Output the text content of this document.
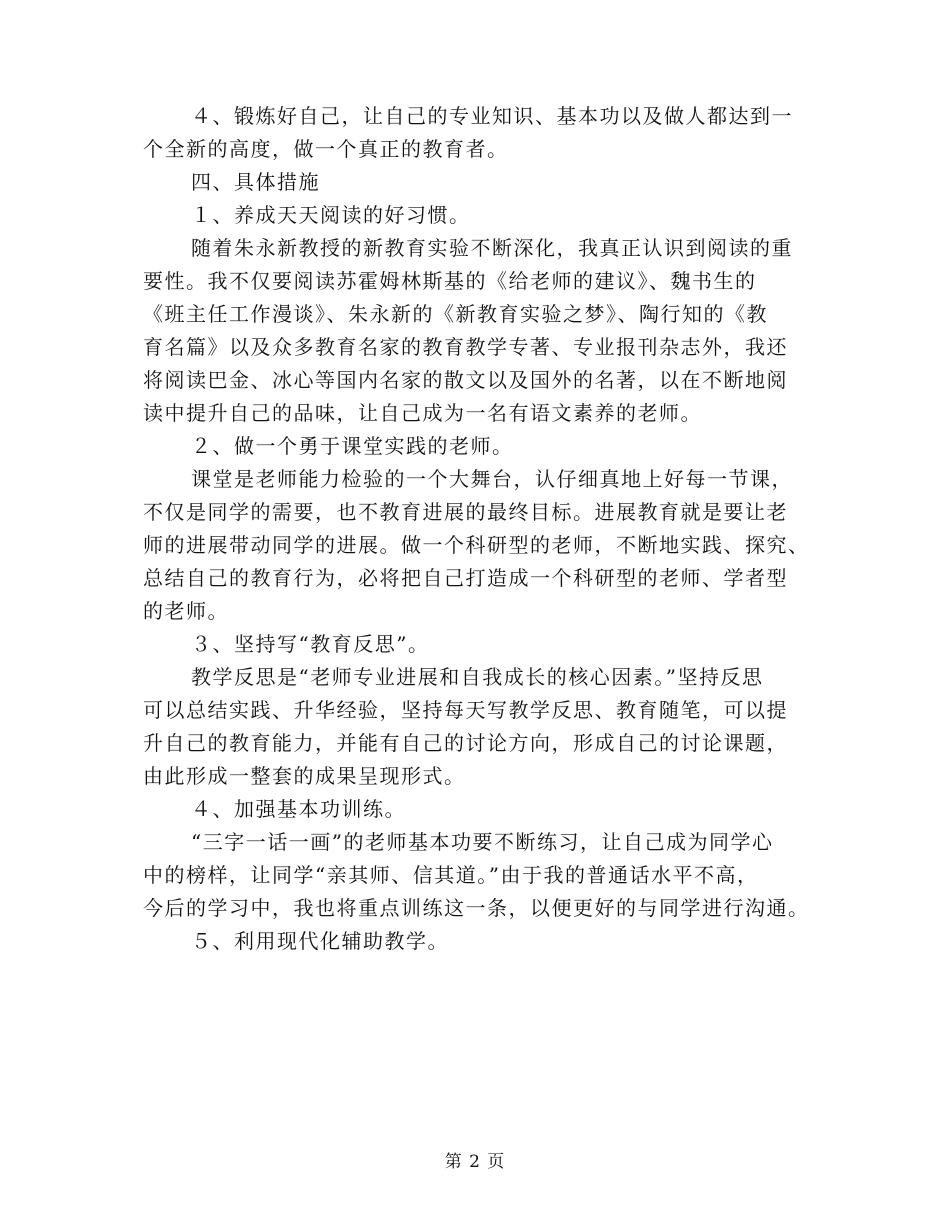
４、锻炼好自己，让自己的专业知识、基本功以及做人都达到一

个全新的高度，做一个真正的教育者。

四、具体措施

１、养成天天阅读的好习惯。

随着朱永新教授的新教育实验不断深化，我真正认识到阅读的重

要性。我不仅要阅读苏霍姆林斯基的《给老师的建议》、魏书生的

《班主任工作漫谈》、朱永新的《新教育实验之梦》、陶行知的《教

育名篇》以及众多教育名家的教育教学专著、专业报刊杂志外，我还

将阅读巴金、冰心等国内名家的散文以及国外的名著，以在不断地阅

读中提升自己的品味，让自己成为一名有语文素养的老师。

２、做一个勇于课堂实践的老师。

课堂是老师能力检验的一个大舞台，认仔细真地上好每一节课，

不仅是同学的需要，也不教育进展的最终目标。进展教育就是要让老

师的进展带动同学的进展。做一个科研型的老师，不断地实践、探究、

总结自己的教育行为，必将把自己打造成一个科研型的老师、学者型

的老师。

３、坚持写“教育反思”。

教学反思是“老师专业进展和自我成长的核心因素。”坚持反思

可以总结实践、升华经验，坚持每天写教学反思、教育随笔，可以提

升自己的教育能力，并能有自己的讨论方向，形成自己的讨论课题，

由此形成一整套的成果呈现形式。

４、加强基本功训练。

“三字一话一画”的老师基本功要不断练习，让自己成为同学心

中的榜样，让同学“亲其师、信其道。”由于我的普通话水平不高，

今后的学习中，我也将重点训练这一条，以便更好的与同学进行沟通。

５、利用现代化辅助教学。

第 2 页
